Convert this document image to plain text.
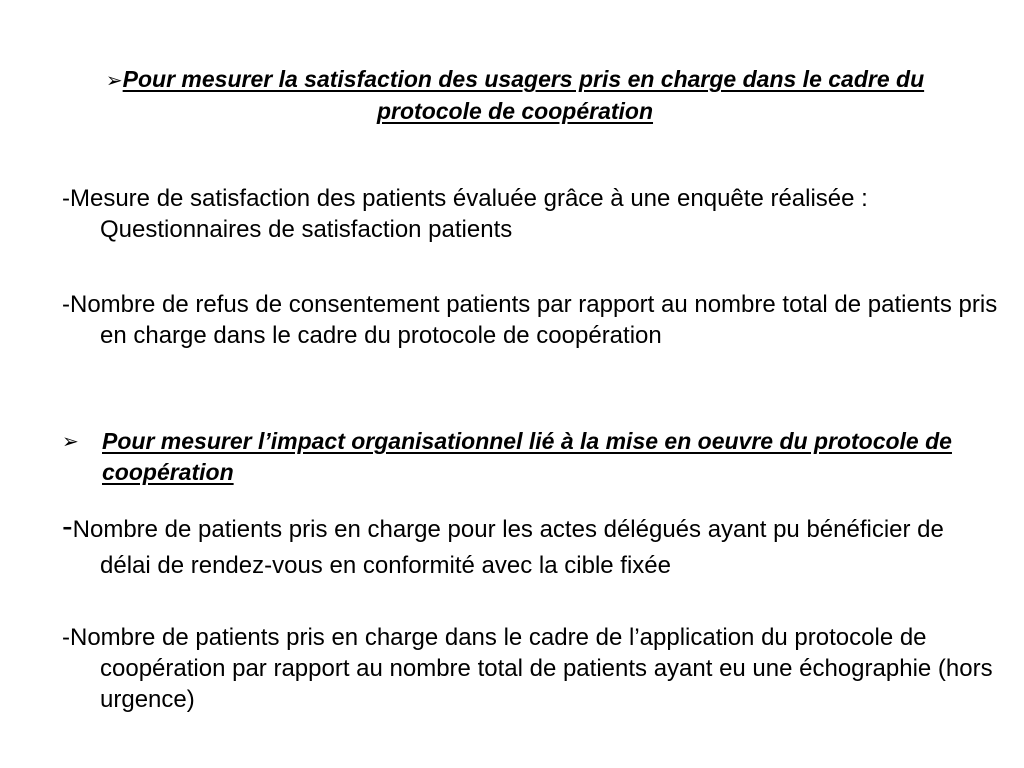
➢Pour mesurer la satisfaction des usagers pris en charge dans le cadre du protocole de coopération

-Mesure de satisfaction des patients évaluée grâce à une enquête réalisée : Questionnaires de satisfaction patients

-Nombre de refus de consentement patients par rapport au nombre total de patients pris en charge dans le cadre du protocole de coopération

➢ Pour mesurer l’impact organisationnel lié à la mise en oeuvre du protocole de coopération

-Nombre de patients pris en charge pour les actes délégués ayant pu bénéficier de délai de rendez-vous en conformité avec la cible fixée

-Nombre de patients pris en charge dans le cadre de l’application du protocole de coopération par rapport au nombre total de patients ayant eu une échographie (hors urgence)
